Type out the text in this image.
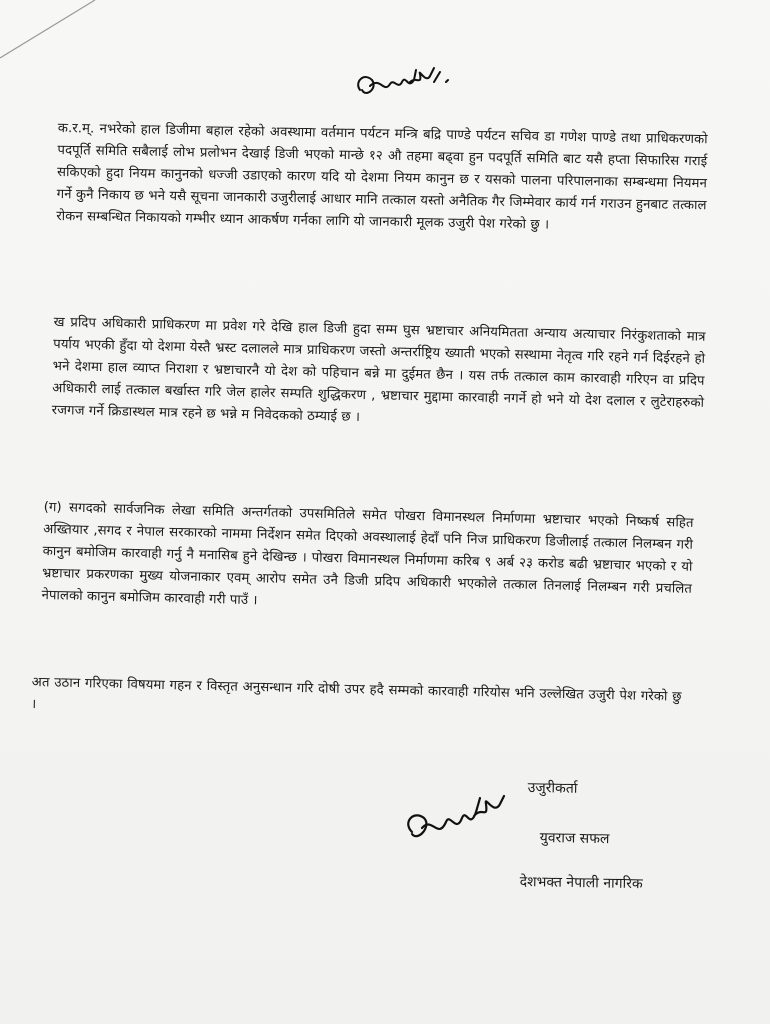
क.र.म्. नभरेको हाल डिजीमा बहाल रहेको अवस्थामा वर्तमान पर्यटन मन्त्रि बद्रि पाण्डे पर्यटन सचिव डा गणेश पाण्डे तथा प्राधिकरणको पदपूर्ति समिति सबैलाई लोभ प्रलोभन देखाई डिजी भएको मान्छे १२ औ तहमा बढ्वा हुन पदपूर्ति समिति बाट यसै हप्ता सिफारिस गराई सकिएको हुदा नियम कानुनको धज्जी उडाएको कारण यदि यो देशमा नियम कानुन छ र यसको पालना परिपालनाका सम्बन्धमा नियमन गर्ने कुनै निकाय छ भने यसै सूचना जानकारी उजुरीलाई आधार मानि तत्काल यस्तो अनैतिक गैर जिम्मेवार कार्य गर्न गराउन हुनबाट तत्काल रोकन सम्बन्धित निकायको गम्भीर ध्यान आकर्षण गर्नका लागि यो जानकारी मूलक उजुरी पेश गरेको छु ।

ख प्रदिप अधिकारी प्राधिकरण मा प्रवेश गरे देखि हाल डिजी हुदा सम्म घुस भ्रष्टाचार अनियमितता अन्याय अत्याचार निरंकुशताको मात्र पर्याय भएकी हुँदा यो देशमा येस्तै भ्रस्ट दलालले मात्र प्राधिकरण जस्तो अन्तर्राष्ट्रिय ख्याती भएको सस्थामा नेतृत्व गरि रहने गर्न दिईरहने हो भने देशमा हाल व्याप्त निराशा र भ्रष्टाचारनै यो देश को पहिचान बन्ने मा दुईमत छैन । यस तर्फ तत्काल काम कारवाही गरिएन वा प्रदिप अधिकारी लाई तत्काल बर्खास्त गरि जेल हालेर सम्पति शुद्धिकरण , भ्रष्टाचार मुद्दामा कारवाही नगर्ने हो भने यो देश दलाल र लुटेराहरुको रजगज गर्ने क्रिडास्थल मात्र रहने छ भन्ने म निवेदकको ठम्याई छ ।

(ग) सगदको सार्वजनिक लेखा समिति अन्तर्गतको उपसमितिले समेत पोखरा विमानस्थल निर्माणमा भ्रष्टाचार भएको निष्कर्ष सहित अख्तियार ,सगद र नेपाल सरकारको नाममा निर्देशन समेत दिएको अवस्थालाई हेदाँ पनि निज प्राधिकरण डिजीलाई तत्काल निलम्बन गरी कानुन बमोजिम कारवाही गर्नु नै मनासिब हुने देखिन्छ । पोखरा विमानस्थल निर्माणमा करिब ९ अर्ब २३ करोड बढी भ्रष्टाचार भएको र यो भ्रष्टाचार प्रकरणका मुख्य योजनाकार एवम् आरोप समेत उनै डिजी प्रदिप अधिकारी भएकोले तत्काल तिनलाई निलम्बन गरी प्रचलित नेपालको कानुन बमोजिम कारवाही गरी पाउँ ।

अत उठान गरिएका विषयमा गहन र विस्तृत अनुसन्धान गरि दोषी उपर हदै सम्मको कारवाही गरियोस भनि उल्लेखित उजुरी पेश गरेको छु ।

उजुरीकर्ता
युवराज सफल
देशभक्त नेपाली नागरिक
